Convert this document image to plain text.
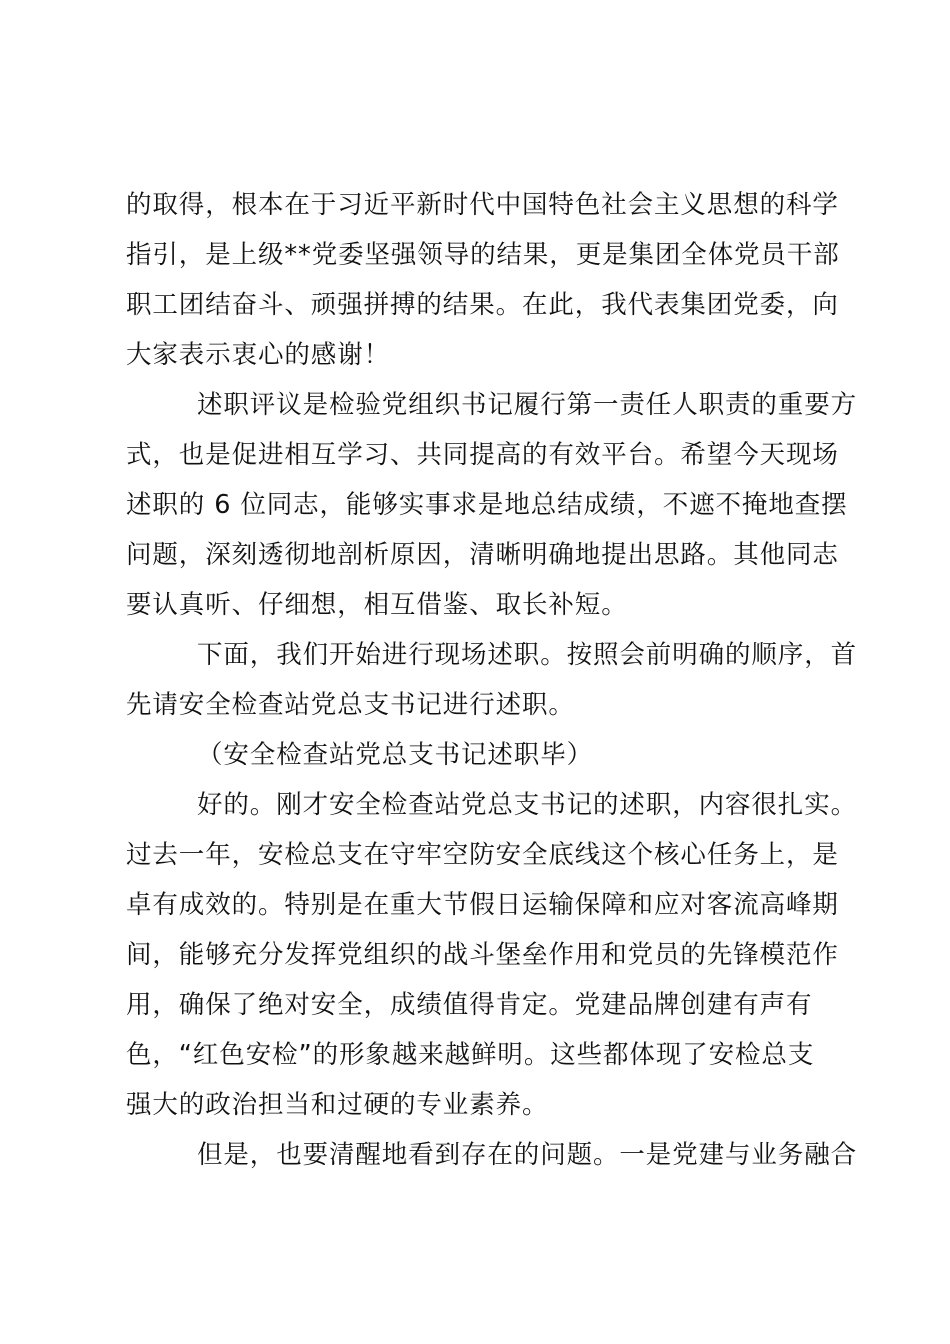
的取得，根本在于习近平新时代中国特色社会主义思想的科学
指引，是上级**党委坚强领导的结果，更是集团全体党员干部
职工团结奋斗、顽强拼搏的结果。在此，我代表集团党委，向
大家表示衷心的感谢！

述职评议是检验党组织书记履行第一责任人职责的重要方
式，也是促进相互学习、共同提高的有效平台。希望今天现场
述职的 6 位同志，能够实事求是地总结成绩，不遮不掩地查摆
问题，深刻透彻地剖析原因，清晰明确地提出思路。其他同志
要认真听、仔细想，相互借鉴、取长补短。

下面，我们开始进行现场述职。按照会前明确的顺序，首
先请安全检查站党总支书记进行述职。

（安全检查站党总支书记述职毕）

好的。刚才安全检查站党总支书记的述职，内容很扎实。
过去一年，安检总支在守牢空防安全底线这个核心任务上，是
卓有成效的。特别是在重大节假日运输保障和应对客流高峰期
间，能够充分发挥党组织的战斗堡垒作用和党员的先锋模范作
用，确保了绝对安全，成绩值得肯定。党建品牌创建有声有
色，“红色安检”的形象越来越鲜明。这些都体现了安检总支
强大的政治担当和过硬的专业素养。

但是，也要清醒地看到存在的问题。一是党建与业务融合
